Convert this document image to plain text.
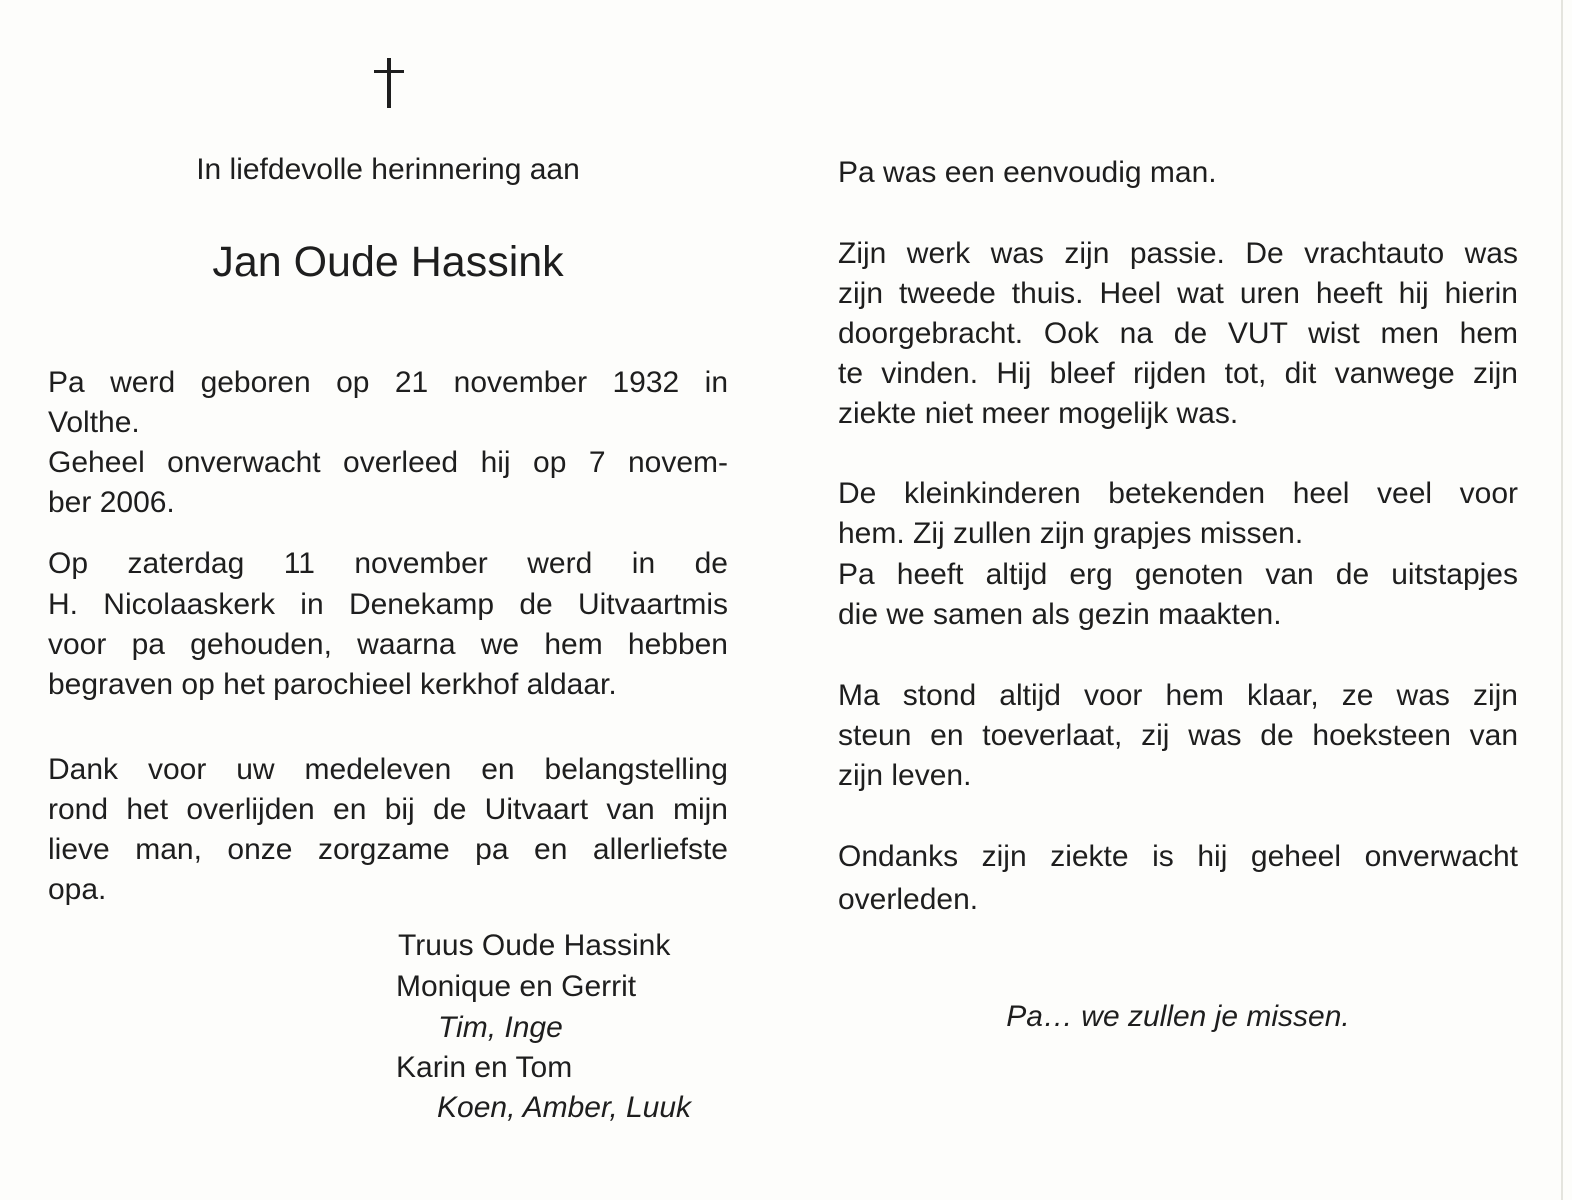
In liefdevolle herinnering aan
Jan Oude Hassink
Pa werd geboren op 21 november 1932 in
Volthe.
Geheel onverwacht overleed hij op 7 novem-
ber 2006.
Op zaterdag 11 november werd in de
H. Nicolaaskerk in Denekamp de Uitvaartmis
voor pa gehouden, waarna we hem hebben
begraven op het parochieel kerkhof aldaar.
Dank voor uw medeleven en belangstelling
rond het overlijden en bij de Uitvaart van mijn
lieve man, onze zorgzame pa en allerliefste
opa.
Truus Oude Hassink
Monique en Gerrit
Tim, Inge
Karin en Tom
Koen, Amber, Luuk
Pa was een eenvoudig man.
Zijn werk was zijn passie. De vrachtauto was
zijn tweede thuis. Heel wat uren heeft hij hierin
doorgebracht. Ook na de VUT wist men hem
te vinden. Hij bleef rijden tot, dit vanwege zijn
ziekte niet meer mogelijk was.
De kleinkinderen betekenden heel veel voor
hem. Zij zullen zijn grapjes missen.
Pa heeft altijd erg genoten van de uitstapjes
die we samen als gezin maakten.
Ma stond altijd voor hem klaar, ze was zijn
steun en toeverlaat, zij was de hoeksteen van
zijn leven.
Ondanks zijn ziekte is hij geheel onverwacht
overleden.
Pa… we zullen je missen.
